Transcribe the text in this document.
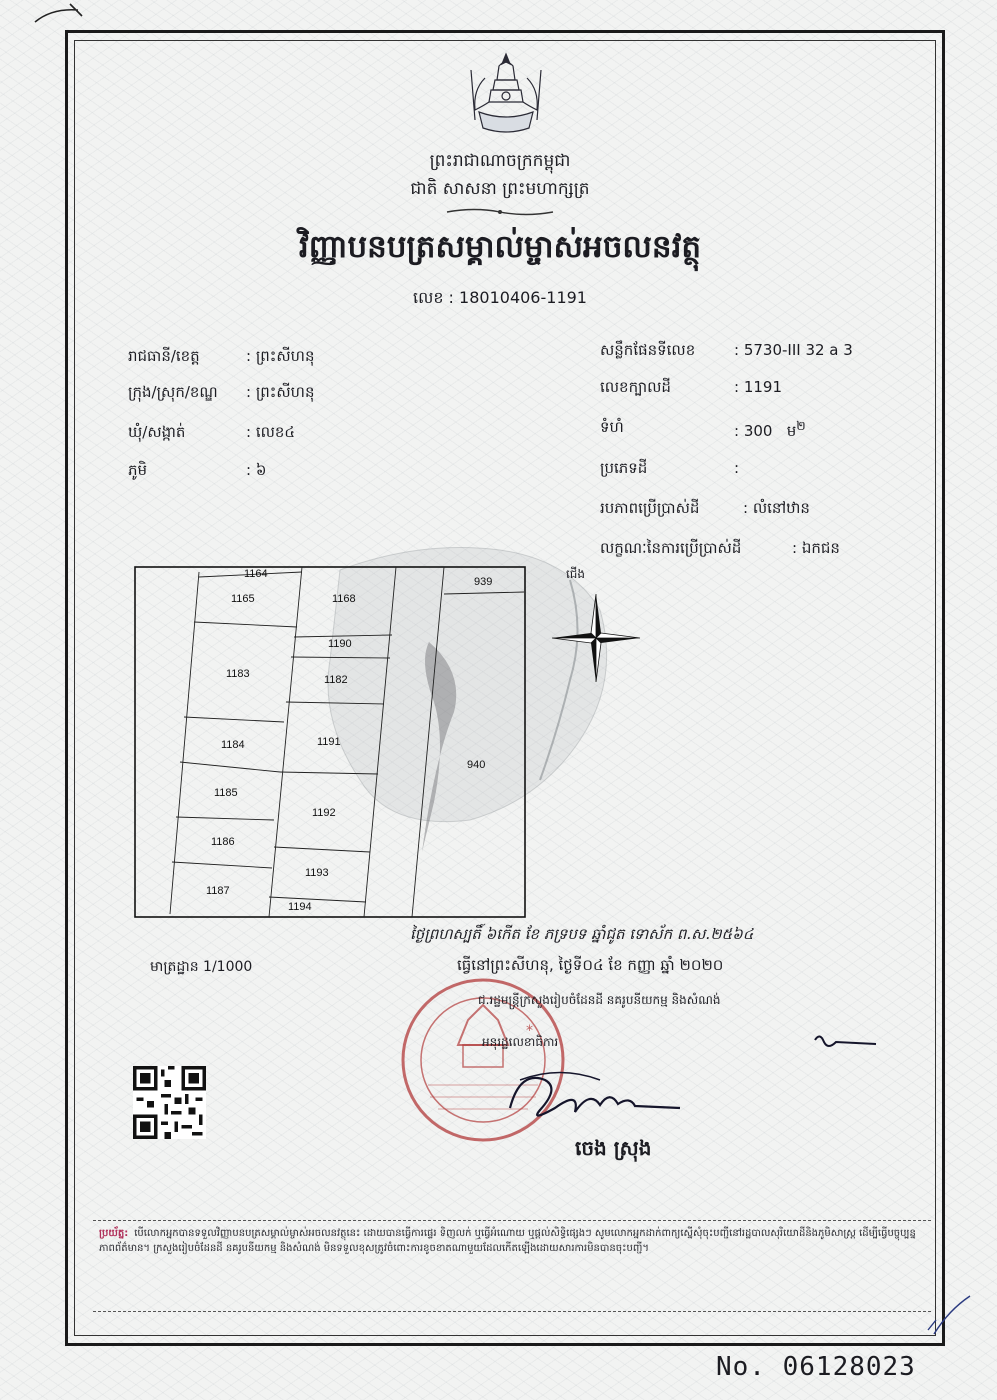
ព្រះរាជាណាចក្រកម្ពុជា
ជាតិ សាសនា ព្រះមហាក្សត្រ
វិញ្ញាបនបត្រសម្គាល់ម្ចាស់អចលនវត្ថុ
លេខ : 18010406-1191
រាជធានី/ខេត្ត	: ព្រះសីហនុ
ក្រុង/ស្រុក/ខណ្ឌ : ព្រះសីហនុ
ឃុំ/សង្កាត់	: លេខ៤
ភូមិ	: ៦
សន្លឹកផែនទីលេខ	: 5730-III 32 a 3
លេខក្បាលដី	: 1191
ទំហំ	: 300 ម$^២$
ប្រភេទដី	:
របភាពប្រើប្រាស់ដី	: លំនៅឋាន
លក្ខណៈនៃការប្រើប្រាស់ដី	: ឯកជន
1164
1165	1168
939
1183
1190
1182
1184	1191
940
1185
1192
1186
1193
1187
1194
ជើង
ថ្ងៃព្រហស្បតិ៍ ៦កើត ខែ ភទ្របទ ឆ្នាំជូត ទោស័ក ព.ស.២៥៦៤
ធ្វើនៅព្រះសីហនុ, ថ្ងៃទី០៤ ខែ កញ្ញា ឆ្នាំ ២០២០
មាត្រដ្ឋាន 1/1000
*
ជ.រដ្ឋមន្ត្រីក្រសួងរៀបចំដែនដី នគរូបនីយកម្ម និងសំណង់
អនុរដ្ឋលេខាធិការ
ចេង ស្រុង
ប្រយ័ត្ន: បើលោកអ្នកបានទទួលវិញ្ញាបនបត្រសម្គាល់ម្ចាស់អចលនវត្ថុនេះ ដោយបានធ្វើការផ្ទេរ ទិញលក់ ឬធ្វើអំណោយ ឬផ្តល់សិទ្ធិផ្សេងៗ សូមលោកអ្នកដាក់ពាក្យស្នើសុំចុះបញ្ជីនៅរដ្ឋបាលសុរិយោដីនិងភូមិសាស្ត្រ ដើម្បីធ្វើបច្ចុប្បន្នភាពព័ត៌មាន។ ក្រសួងរៀបចំដែនដី នគរូបនីយកម្ម និងសំណង់ មិនទទួលខុសត្រូវចំពោះការខូចខាតណាមួយដែលកើតឡើងដោយសារការមិនបានចុះបញ្ជី។
No. 06128023
